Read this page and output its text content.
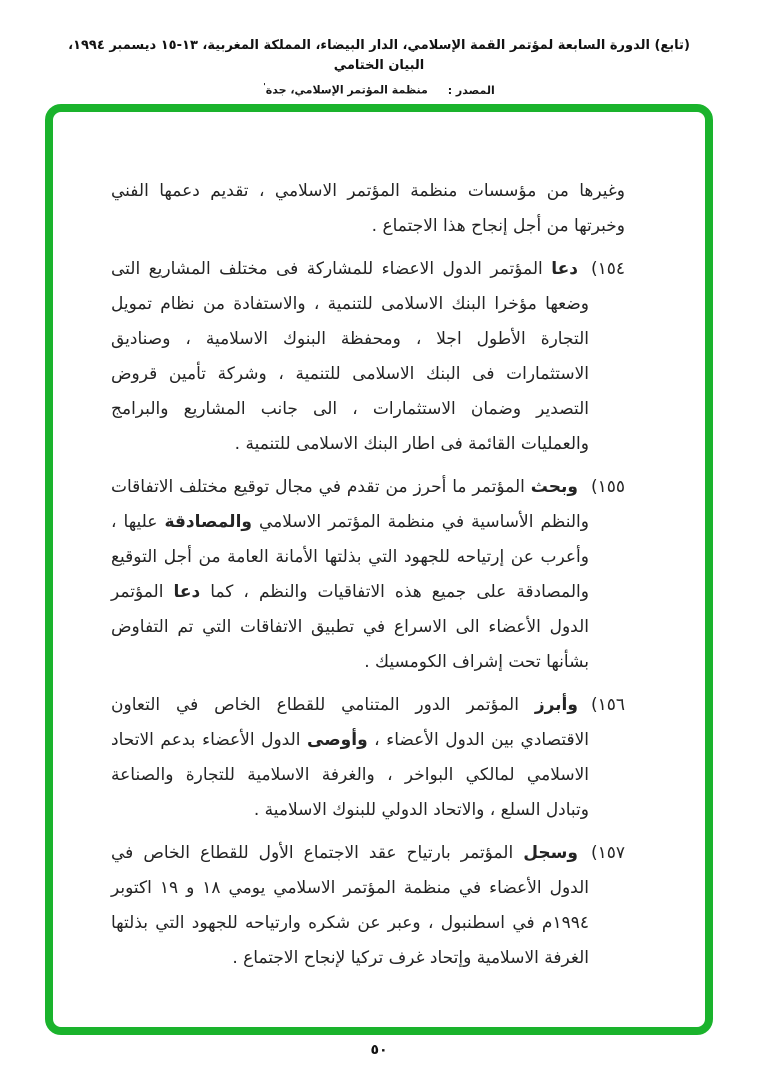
(تابع) الدورة السابعة لمؤتمر القمة الإسلامي، الدار البيضاء، المملكة المغربية، ١٣-١٥ ديسمبر ١٩٩٤، البيان الختامي
المصدر : منظمة المؤتمر الإسلامي، جدة'
وغيرها من مؤسسات منظمة المؤتمر الاسلامي ، تقديم دعمها الفني وخبرتها من أجل إنجاح هذا الاجتماع .
١٥٤)دعا المؤتمر الدول الاعضاء للمشاركة فى مختلف المشاريع التى وضعها مؤخرا البنك الاسلامى للتنمية ، والاستفادة من نظام تمويل التجارة الأطول اجلا ، ومحفظة البنوك الاسلامية ، وصناديق الاستثمارات فى البنك الاسلامى للتنمية ، وشركة تأمين قروض التصدير وضمان الاستثمارات ، الى جانب المشاريع والبرامج والعمليات القائمة فى اطار البنك الاسلامى للتنمية .
١٥٥)وبحث المؤتمر ما أحرز من تقدم في مجال توقيع مختلف الاتفاقات والنظم الأساسية في منظمة المؤتمر الاسلامي والمصادقة عليها ، وأعرب عن إرتياحه للجهود التي بذلتها الأمانة العامة من أجل التوقيع والمصادقة على جميع هذه الاتفاقيات والنظم ، كما دعا المؤتمر الدول الأعضاء الى الاسراع في تطبيق الاتفاقات التي تم التفاوض بشأنها تحت إشراف الكومسيك .
١٥٦)وأبرز المؤتمر الدور المتنامي للقطاع الخاص في التعاون الاقتصادي بين الدول الأعضاء ، وأوصى الدول الأعضاء بدعم الاتحاد الاسلامي لمالكي البواخر ، والغرفة الاسلامية للتجارة والصناعة وتبادل السلع ، والاتحاد الدولي للبنوك الاسلامية .
١٥٧)وسجل المؤتمر بارتياح عقد الاجتماع الأول للقطاع الخاص في الدول الأعضاء في منظمة المؤتمر الاسلامي يومي ١٨ و ١٩ اكتوبر ١٩٩٤م في اسطنبول ، وعبر عن شكره وارتياحه للجهود التي بذلتها الغرفة الاسلامية وإتحاد غرف تركيا لإنجاح الاجتماع .
٥٠
